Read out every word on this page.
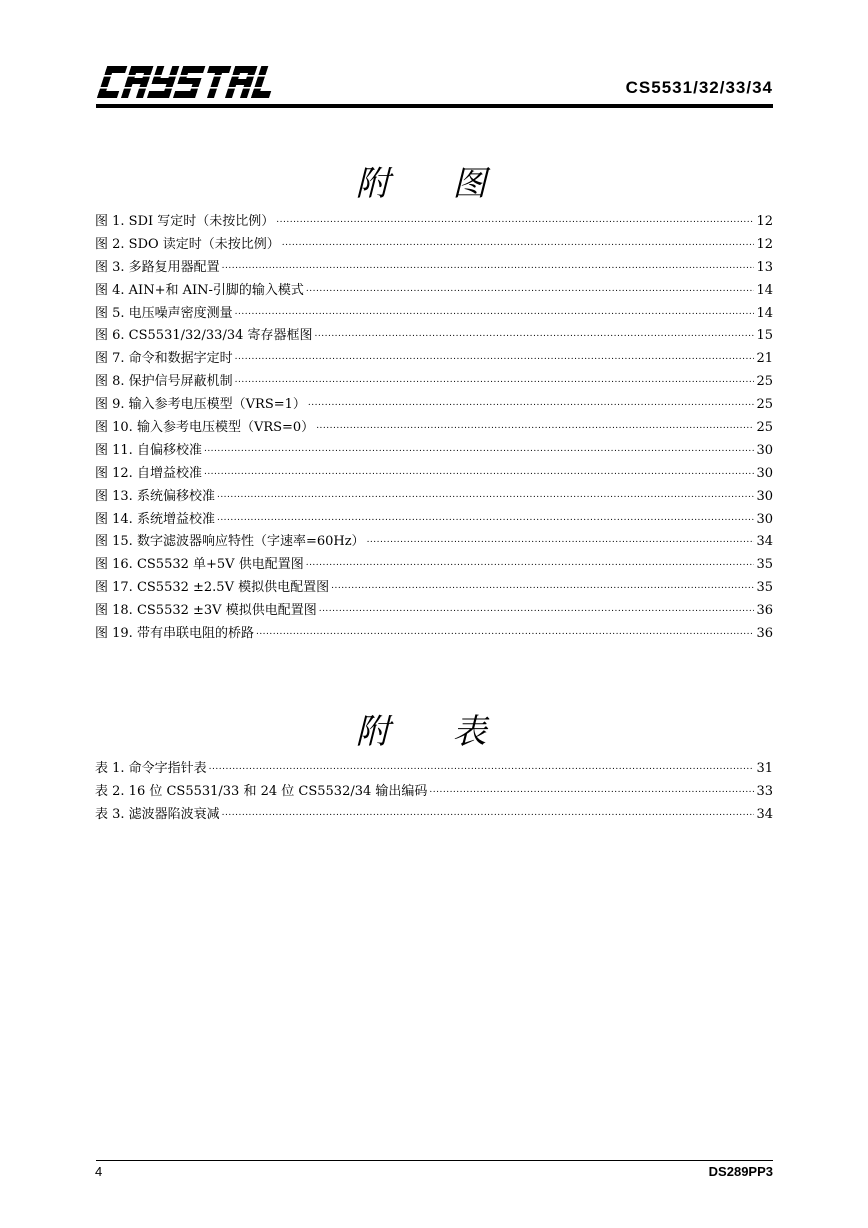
CS5531/32/33/34
附 图
图 1. SDI 写定时（未按比例） .....	12
图 2. SDO 读定时（未按比例） .....	12
图 3. 多路复用器配置 .....	13
图 4. AIN+和 AIN-引脚的输入模式 .....	14
图 5. 电压噪声密度测量 .....	14
图 6. CS5531/32/33/34 寄存器框图 .....	15
图 7. 命令和数据字定时 .....	21
图 8. 保护信号屏蔽机制 .....	25
图 9. 输入参考电压模型（VRS=1） .....	25
图 10. 输入参考电压模型（VRS=0） .....	25
图 11. 自偏移校准 .....	30
图 12. 自增益校准 .....	30
图 13. 系统偏移校准 .....	30
图 14. 系统增益校准 .....	30
图 15. 数字滤波器响应特性（字速率=60Hz） .....	34
图 16. CS5532 单+5V 供电配置图 .....	35
图 17. CS5532 ±2.5V 模拟供电配置图 .....	35
图 18. CS5532 ±3V 模拟供电配置图 .....	36
图 19. 带有串联电阻的桥路 .....	36
附 表
表 1. 命令字指针表 .....	31
表 2. 16 位 CS5531/33 和 24 位 CS5532/34 输出编码 .....	33
表 3. 滤波器陷波衰减 .....	34
4	DS289PP3
